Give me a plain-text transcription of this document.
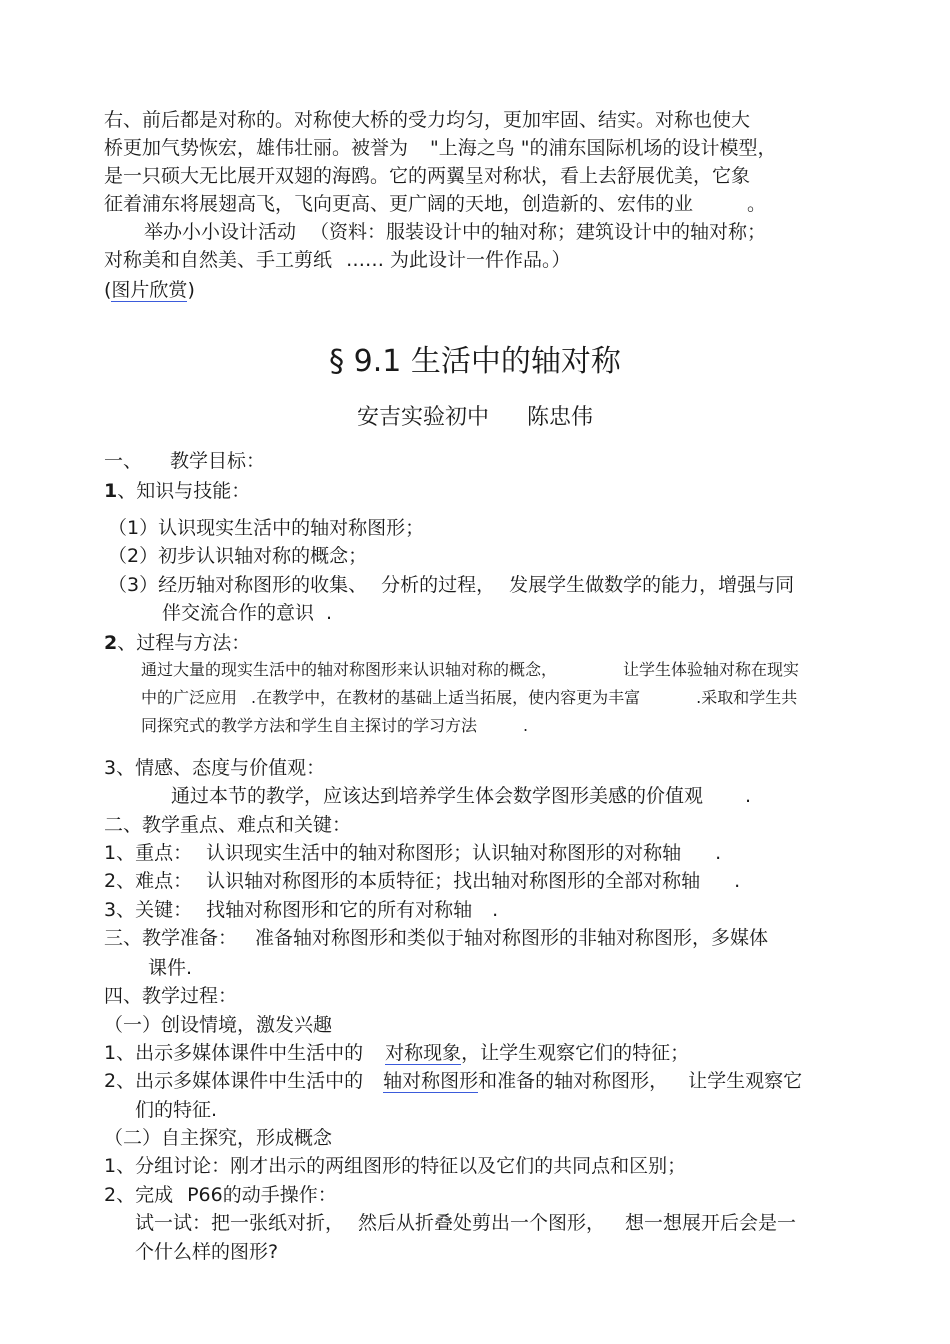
右、前后都是对称的。对称使大桥的受力均匀，更加牢固、结实。对称也使大
桥更加气势恢宏，雄伟壮丽。被誉为 "上海之鸟 "的浦东国际机场的设计模型，
是一只硕大无比展开双翅的海鸥。它的两翼呈对称状，看上去舒展优美，它象
征着浦东将展翅高飞，飞向更高、更广阔的天地，创造新的、宏伟的业	。
举办小小设计活动 （资料：服装设计中的轴对称；建筑设计中的轴对称；
对称美和自然美、手工剪纸 …… 为此设计一件作品。）
(图片欣赏)
§ 9.1 生活中的轴对称
安吉实验初中 陈忠伟
一、 教学目标：
1、知识与技能：
（1）认识现实生活中的轴对称图形；
（2）初步认识轴对称的概念；
（3）经历轴对称图形的收集、 分析的过程， 发展学生做数学的能力，增强与同
伴交流合作的意识 .
2、过程与方法：
通过大量的现实生活中的轴对称图形来认识轴对称的概念，	让学生体验轴对称在现实
中的广泛应用 .在教学中，在教材的基础上适当拓展，使内容更为丰富	.采取和学生共
同探究式的教学方法和学生自主探讨的学习方法	.
3、情感、态度与价值观：
通过本节的教学，应该达到培养学生体会数学图形美感的价值观 .
二、教学重点、难点和关键：
1、重点： 认识现实生活中的轴对称图形；认识轴对称图形的对称轴 .
2、难点： 认识轴对称图形的本质特征；找出轴对称图形的全部对称轴 .
3、关键： 找轴对称图形和它的所有对称轴 .
三、教学准备： 准备轴对称图形和类似于轴对称图形的非轴对称图形，多媒体
课件.
四、教学过程：
（一）创设情境，激发兴趣
1、出示多媒体课件中生活中的 对称现象，让学生观察它们的特征；
2、出示多媒体课件中生活中的 轴对称图形和准备的轴对称图形， 让学生观察它
们的特征.
（二）自主探究，形成概念
1、分组讨论：刚才出示的两组图形的特征以及它们的共同点和区别；
2、完成 P66的动手操作：
试一试：把一张纸对折， 然后从折叠处剪出一个图形， 想一想展开后会是一
个什么样的图形?
